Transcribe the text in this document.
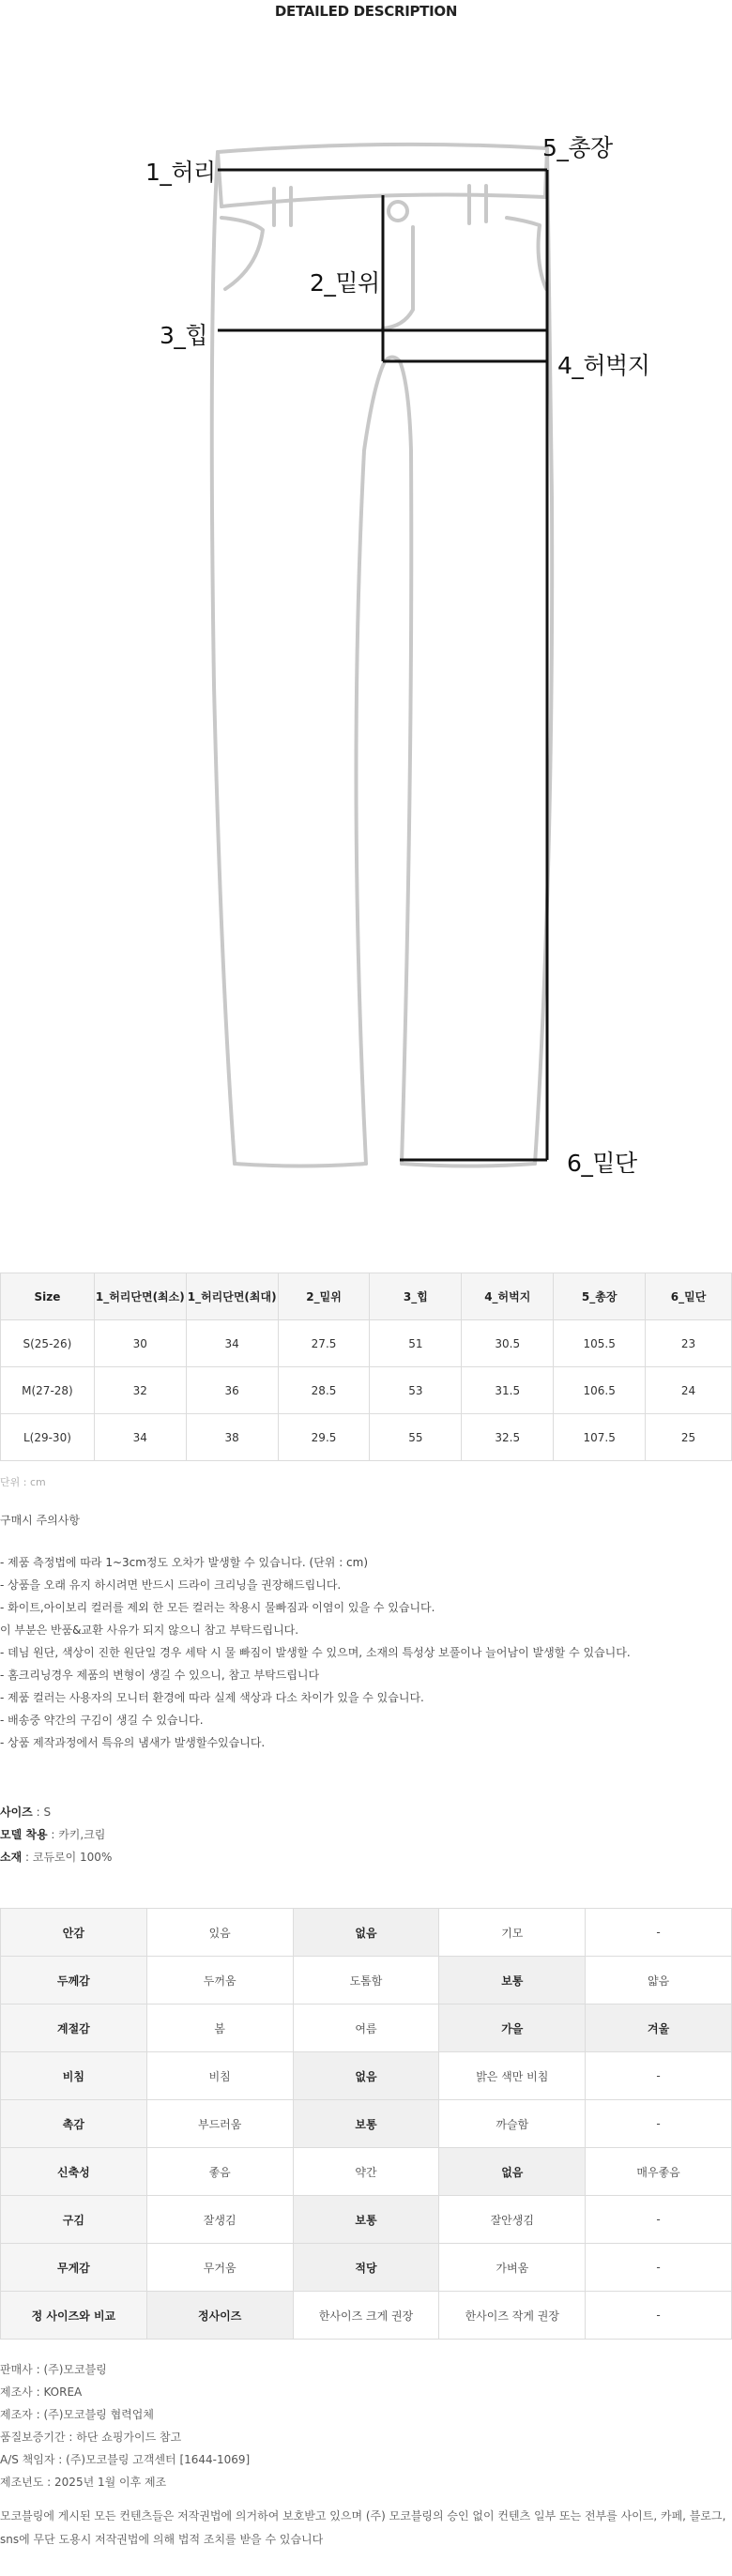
DETAILED DESCRIPTION
1_허리
2_밑위
3_힙
4_허벅지
5_총장
6_밑단
Size	1_허리단면(최소)	1_허리단면(최대)	2_밑위	3_힙	4_허벅지	5_총장	6_밑단
S(25-26)	30	34	27.5	51	30.5	105.5	23
M(27-28)	32	36	28.5	53	31.5	106.5	24
L(29-30)	34	38	29.5	55	32.5	107.5	25
단위 : cm
구매시 주의사항
- 제품 측정법에 따라 1~3cm정도 오차가 발생할 수 있습니다. (단위 : cm)
- 상품을 오래 유지 하시려면 반드시 드라이 크리닝을 권장해드립니다.
- 화이트,아이보리 컬러를 제외 한 모든 컬러는 착용시 물빠짐과 이염이 있을 수 있습니다.
이 부분은 반품&교환 사유가 되지 않으니 참고 부탁드립니다.
- 데님 원단, 색상이 진한 원단일 경우 세탁 시 물 빠짐이 발생할 수 있으며, 소재의 특성상 보풀이나 늘어남이 발생할 수 있습니다.
- 홈크리닝경우 제품의 변형이 생길 수 있으니, 참고 부탁드립니다
- 제품 컬러는 사용자의 모니터 환경에 따라 실제 색상과 다소 차이가 있을 수 있습니다.
- 배송중 약간의 구김이 생길 수 있습니다.
- 상품 제작과정에서 특유의 냄새가 발생할수있습니다.
사이즈 : S
모델 착용 : 카키,크림
소재 : 코듀로이 100%
안감	있음	없음	기모	-
두께감	두꺼움	도톰함	보통	얇음
계절감	봄	여름	가을	겨울
비침	비침	없음	밝은 색만 비침	-
촉감	부드러움	보통	까슬함	-
신축성	좋음	약간	없음	매우좋음
구김	잘생김	보통	잘안생김	-
무게감	무거움	적당	가벼움	-
정 사이즈와 비교	정사이즈	한사이즈 크게 권장	한사이즈 작게 권장	-
판매사 : (주)모코블링
제조사 : KOREA
제조자 : (주)모코블링 협력업체
품질보증기간 : 하단 쇼핑가이드 참고
A/S 책임자 : (주)모코블링 고객센터 [1644-1069]
제조년도 : 2025년 1월 이후 제조
모코블링에 게시된 모든 컨텐츠들은 저작권법에 의거하여 보호받고 있으며 (주) 모코블링의 승인 없이 컨텐츠 일부 또는 전부를 사이트, 카페, 블로그, sns에 무단 도용시 저작권법에 의해 법적 조치를 받을 수 있습니다
